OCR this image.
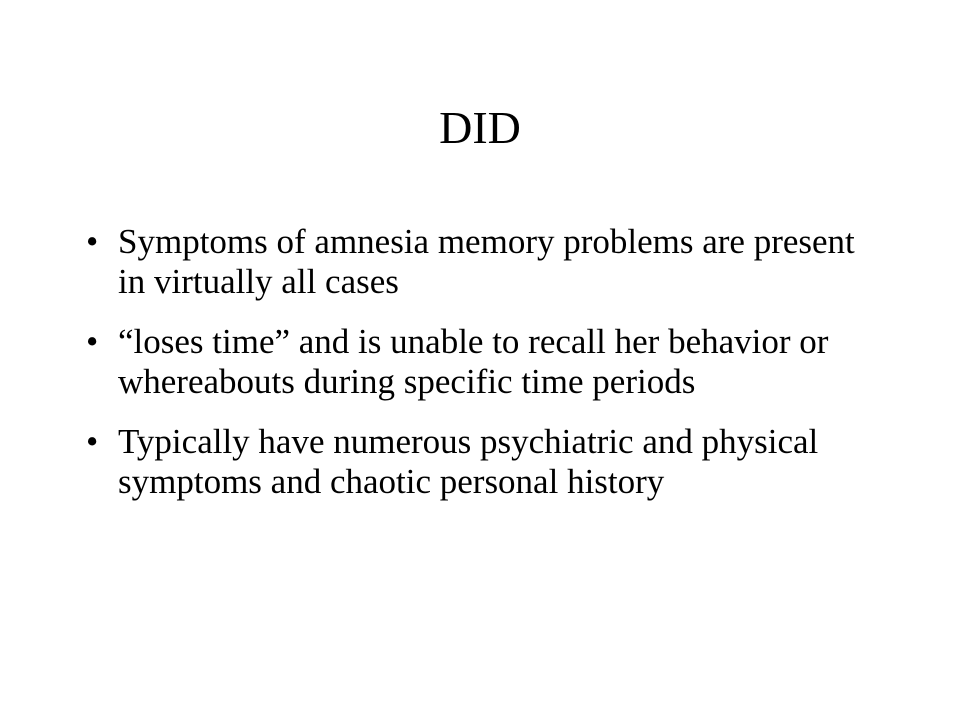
DID
• Symptoms of amnesia memory problems are present in virtually all cases
• “loses time” and is unable to recall her behavior or whereabouts during specific time periods
• Typically have numerous psychiatric and physical symptoms and chaotic personal history
